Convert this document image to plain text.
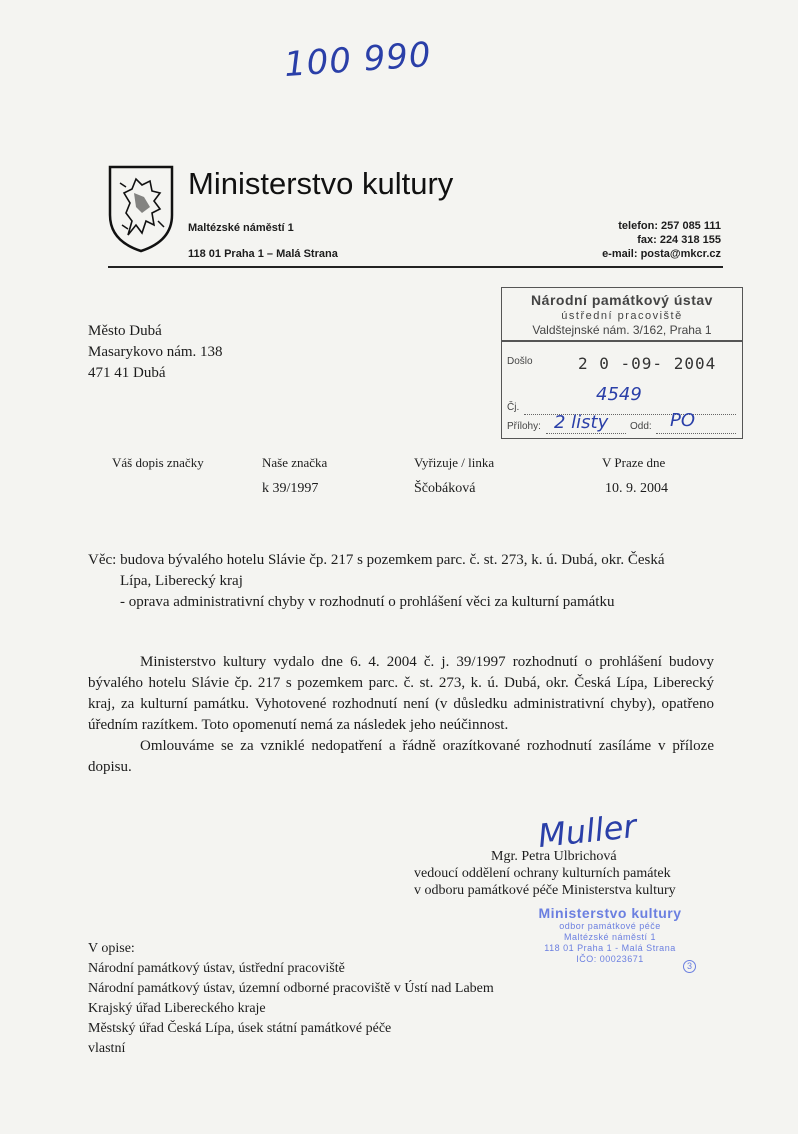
100 990
Ministerstvo kultury
Maltézské náměstí 1
118 01 Praha 1 – Malá Strana
telefon: 257 085 111
fax: 224 318 155
e-mail: posta@mkcr.cz
Národní památkový ústav
ústřední pracoviště
Valdštejnské nám. 3/162, Praha 1
Došlo	2 0 -09- 2004
Čj.
4549
Přílohy: 2 listy Odd: PO
Město Dubá
Masarykovo nám. 138
471 41 Dubá
Váš dopis značky	Naše značka
k 39/1997
Vyřizuje / linka
Ščobáková
V Praze dne
10. 9. 2004
Věc: budova bývalého hotelu Slávie čp. 217 s pozemkem parc. č. st. 273, k. ú. Dubá, okr. Česká
Lípa, Liberecký kraj
- oprava administrativní chyby v rozhodnutí o prohlášení věci za kulturní památku

Ministerstvo kultury vydalo dne 6. 4. 2004 č. j. 39/1997 rozhodnutí o prohlášení budovy bývalého hotelu Slávie čp. 217 s pozemkem parc. č. st. 273, k. ú. Dubá, okr. Česká Lípa, Liberecký kraj, za kulturní památku. Vyhotovené rozhodnutí není (v důsledku administrativní chyby), opatřeno úředním razítkem. Toto opomenutí nemá za následek jeho neúčinnost.

Omlouváme se za vzniklé nedopatření a řádně orazítkované rozhodnutí zasíláme v příloze dopisu.

Muller
Mgr. Petra Ulbrichová
vedoucí oddělení ochrany kulturních památek
v odboru památkové péče Ministerstva kultury
Ministerstvo kultury
odbor památkové péče
Maltézské náměstí 1
118 01 Praha 1 - Malá Strana
IČO: 00023671
3
V opise:
Národní památkový ústav, ústřední pracoviště
Národní památkový ústav, územní odborné pracoviště v Ústí nad Labem
Krajský úřad Libereckého kraje
Městský úřad Česká Lípa, úsek státní památkové péče
vlastní
